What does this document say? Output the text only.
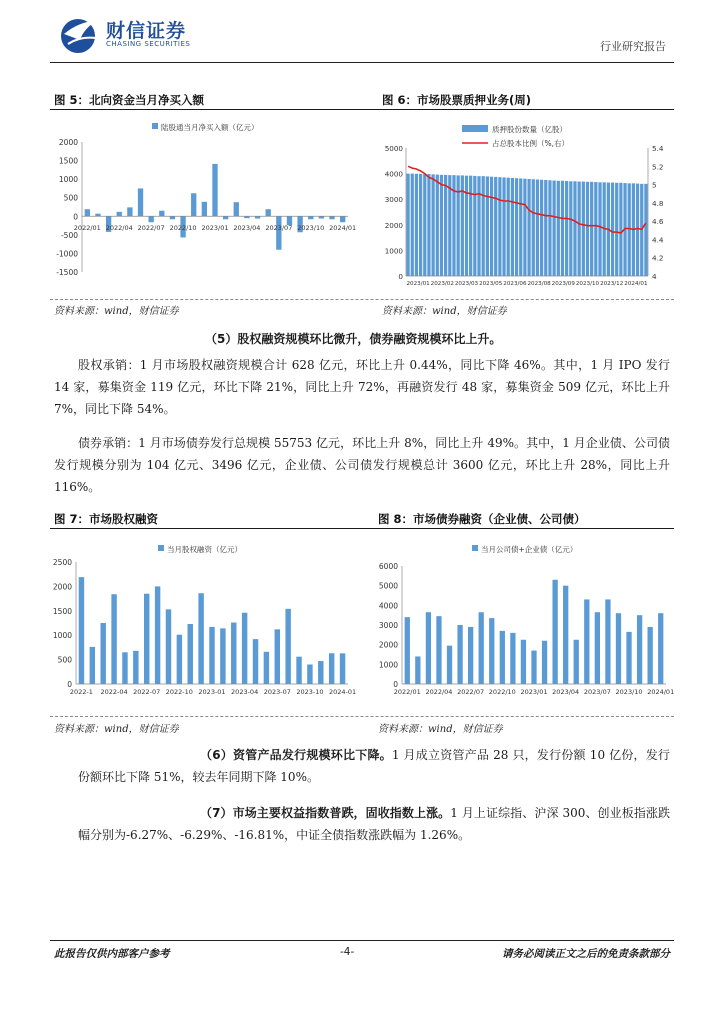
财信证券
CHASING SECURITIES	行业研究报告
图 5：北向资金当月净买入额	图 6：市场股票质押业务(周)
陆股通当月净买入额（亿元）
-1500
-1000
-500
0
500
1000
1500
2000
2022/01 2022/04 2022/07 2022/10 2023/01 2023/04 2023/07 2023/10 2024/01
质押股份数量（亿股）
占总股本比例（%,右）
0
1000
2000
3000
4000
5000
4
4.2
4.4
4.6
4.8
5
5.2
5.4
2023/01 2023/02 2023/03 2023/05 2023/06 2023/08 2023/09 2023/10 2023/12 2024/01
资料来源：wind，财信证券	资料来源：wind，财信证券
（5）股权融资规模环比微升，债券融资规模环比上升。
股权承销：1 月市场股权融资规模合计 628 亿元，环比上升 0.44%，同比下降 46%。其中，1 月 IPO 发行 14 家，募集资金 119 亿元，环比下降 21%，同比上升 72%，再融资发行 48 家，募集资金 509 亿元，环比上升 7%，同比下降 54%。
债券承销：1 月市场债券发行总规模 55753 亿元，环比上升 8%，同比上升 49%。其中，1 月企业债、公司债发行规模分别为 104 亿元、3496 亿元，企业债、公司债发行规模总计 3600 亿元，环比上升 28%，同比上升 116%。
图 7：市场股权融资	图 8：市场债券融资（企业债、公司债）
当月股权融资（亿元）
0
500
1000
1500
2000
2500
2022-1 2022-04 2022-07 2022-10 2023-01 2023-04 2023-07 2023-10 2024-01
当月公司债+企业债（亿元）
0
1000
2000
3000
4000
5000
6000
2022/01 2022/04 2022/07 2022/10 2023/01 2023/04 2023/07 2023/10 2024/01
资料来源：wind，财信证券	资料来源：wind，财信证券
（6）资管产品发行规模环比下降。1 月成立资管产品 28 只，发行份额 10 亿份，发行份额环比下降 51%，较去年同期下降 10%。
（7）市场主要权益指数普跌，固收指数上涨。1 月上证综指、沪深 300、创业板指涨跌幅分别为-6.27%、-6.29%、-16.81%，中证全债指数涨跌幅为 1.26%。
此报告仅供内部客户参考	-4-	请务必阅读正文之后的免责条款部分
